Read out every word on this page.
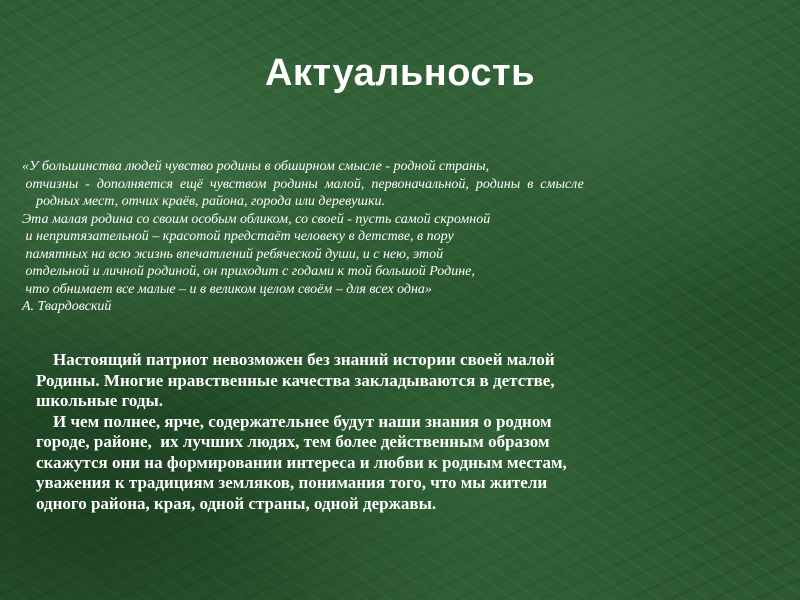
Актуальность
«У большинства людей чувство родины в обширном смысле - родной страны,
отчизны  -  дополняется  ещё  чувством  родины  малой,  первоначальной,  родины  в  смысле
родных мест, отчих краёв, района, города или деревушки.
Эта малая родина со своим особым обликом, со своей - пусть самой скромной
и непритязательной – красотой предстаёт человеку в детстве, в пору
памятных на всю жизнь впечатлений ребяческой души, и с нею, этой
отдельной и личной родиной, он приходит с годами к той большой Родине,
что обнимает все малые – и в великом целом своём – для всех одна»
А. Твардовский
Настоящий патриот невозможен без знаний истории своей малой
Родины. Многие нравственные качества закладываются в детстве,
школьные годы.
И чем полнее, ярче, содержательнее будут наши знания о родном
городе, районе,  их лучших людях, тем более действенным образом
скажутся они на формировании интереса и любви к родным местам,
уважения к традициям земляков, понимания того, что мы жители
одного района, края, одной страны, одной державы.
